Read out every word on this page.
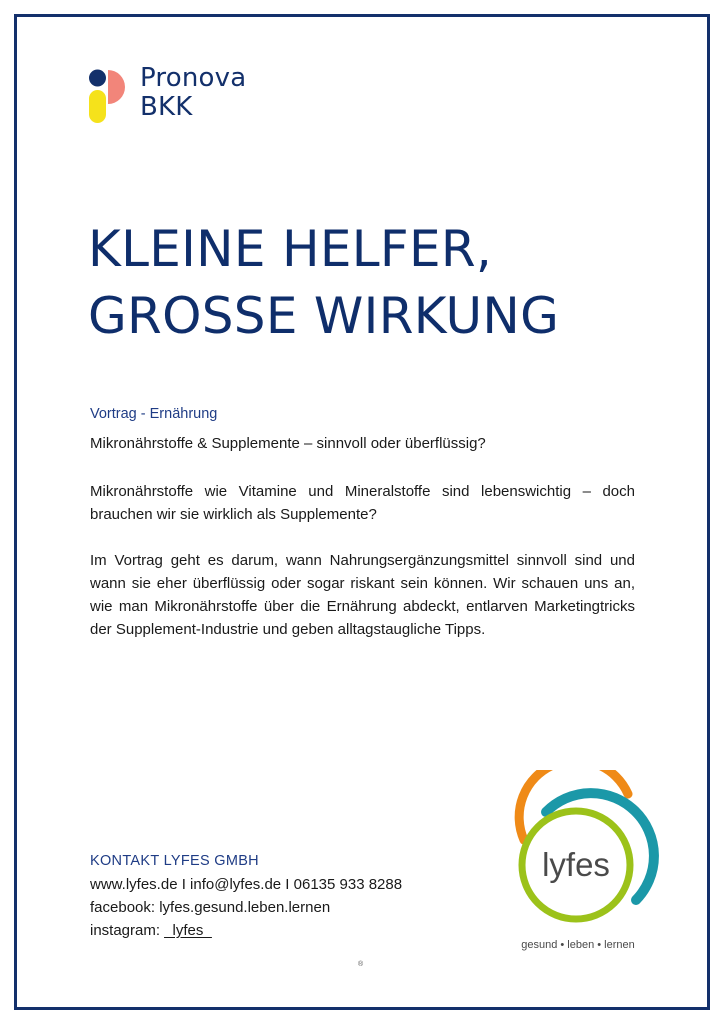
Pronova
BKK
KLEINE HELFER,
GROSSE WIRKUNG
Vortrag - Ernährung

Mikronährstoffe & Supplemente – sinnvoll oder überflüssig?

Mikronährstoffe wie Vitamine und Mineralstoffe sind lebenswichtig – doch brauchen wir sie wirklich als Supplemente?

Im Vortrag geht es darum, wann Nahrungsergänzungsmittel sinnvoll sind und wann sie eher überflüssig oder sogar riskant sein können. Wir schauen uns an, wie man Mikronährstoffe über die Ernährung abdeckt, entlarven Marketingtricks der Supplement-Industrie und geben alltagstaugliche Tipps.

KONTAKT LYFES GMBH
www.lyfes.de I info@lyfes.de I 06135 933 8288
facebook: lyfes.gesund.leben.lernen
instagram: _lyfes_
lyfes
gesund • leben • lernen
®
